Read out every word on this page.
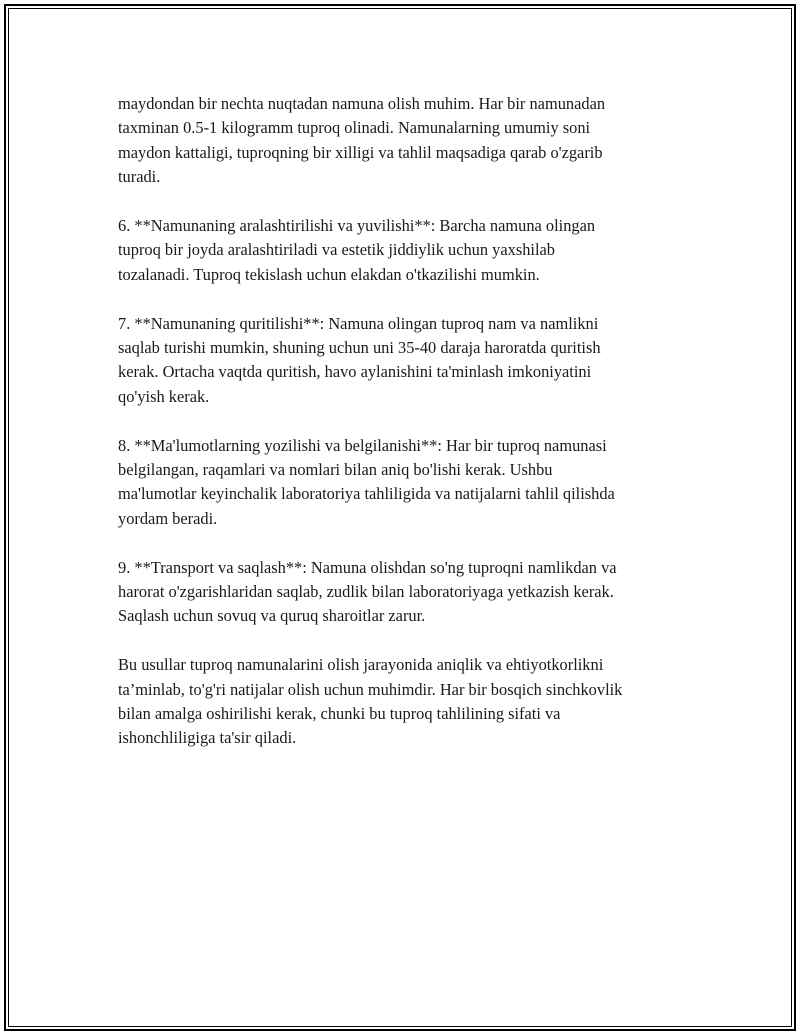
maydondan bir nechta nuqtadan namuna olish muhim. Har bir namunadan
taxminan 0.5-1 kilogramm tuproq olinadi. Namunalarning umumiy soni
maydon kattaligi, tuproqning bir xilligi va tahlil maqsadiga qarab o'zgarib
turadi.

6. **Namunaning aralashtirilishi va yuvilishi**: Barcha namuna olingan
tuproq bir joyda aralashtiriladi va estetik jiddiylik uchun yaxshilab
tozalanadi. Tuproq tekislash uchun elakdan o'tkazilishi mumkin.

7. **Namunaning quritilishi**: Namuna olingan tuproq nam va namlikni
saqlab turishi mumkin, shuning uchun uni 35-40 daraja haroratda quritish
kerak. Ortacha vaqtda quritish, havo aylanishini ta'minlash imkoniyatini
qo'yish kerak.

8. **Ma'lumotlarning yozilishi va belgilanishi**: Har bir tuproq namunasi
belgilangan, raqamlari va nomlari bilan aniq bo'lishi kerak. Ushbu
ma'lumotlar keyinchalik laboratoriya tahliligida va natijalarni tahlil qilishda
yordam beradi.

9. **Transport va saqlash**: Namuna olishdan so'ng tuproqni namlikdan va
harorat o'zgarishlaridan saqlab, zudlik bilan laboratoriyaga yetkazish kerak.
Saqlash uchun sovuq va quruq sharoitlar zarur.

Bu usullar tuproq namunalarini olish jarayonida aniqlik va ehtiyotkorlikni
ta’minlab, to'g'ri natijalar olish uchun muhimdir. Har bir bosqich sinchkovlik
bilan amalga oshirilishi kerak, chunki bu tuproq tahlilining sifati va
ishonchliligiga ta'sir qiladi.
